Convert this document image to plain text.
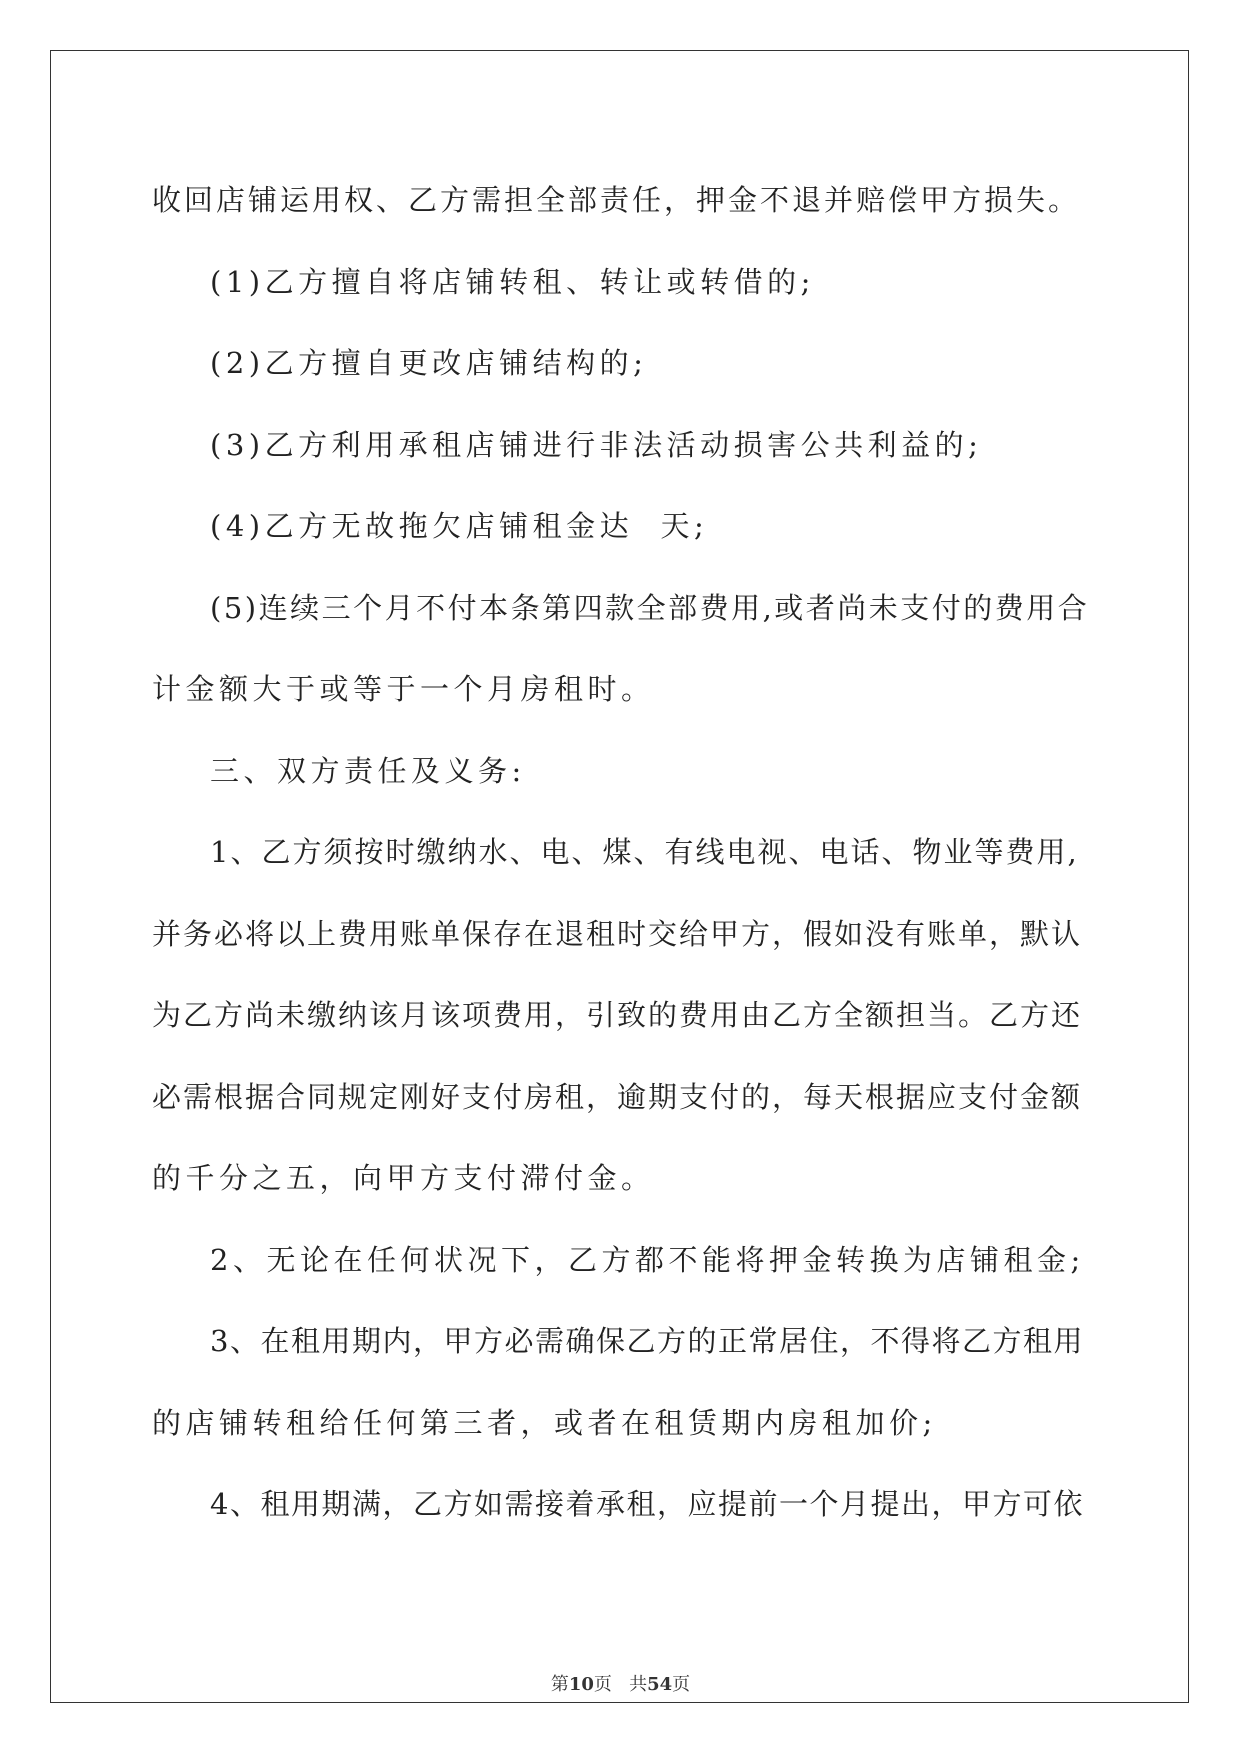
收回店铺运用权、乙方需担全部责任，押金不退并赔偿甲方损失。

(1)乙方擅自将店铺转租、转让或转借的;

(2)乙方擅自更改店铺结构的;

(3)乙方利用承租店铺进行非法活动损害公共利益的;

(4)乙方无故拖欠店铺租金达  天;

(5)连续三个月不付本条第四款全部费用,或者尚未支付的费用合

计金额大于或等于一个月房租时。

三、双方责任及义务:

1、乙方须按时缴纳水、电、煤、有线电视、电话、物业等费用,

并务必将以上费用账单保存在退租时交给甲方，假如没有账单，默认

为乙方尚未缴纳该月该项费用，引致的费用由乙方全额担当。乙方还

必需根据合同规定刚好支付房租，逾期支付的，每天根据应支付金额

的千分之五，向甲方支付滞付金。

2、无论在任何状况下，乙方都不能将押金转换为店铺租金;

3、在租用期内，甲方必需确保乙方的正常居住，不得将乙方租用

的店铺转租给任何第三者，或者在租赁期内房租加价;

4、租用期满，乙方如需接着承租，应提前一个月提出，甲方可依

第10页   共54页
